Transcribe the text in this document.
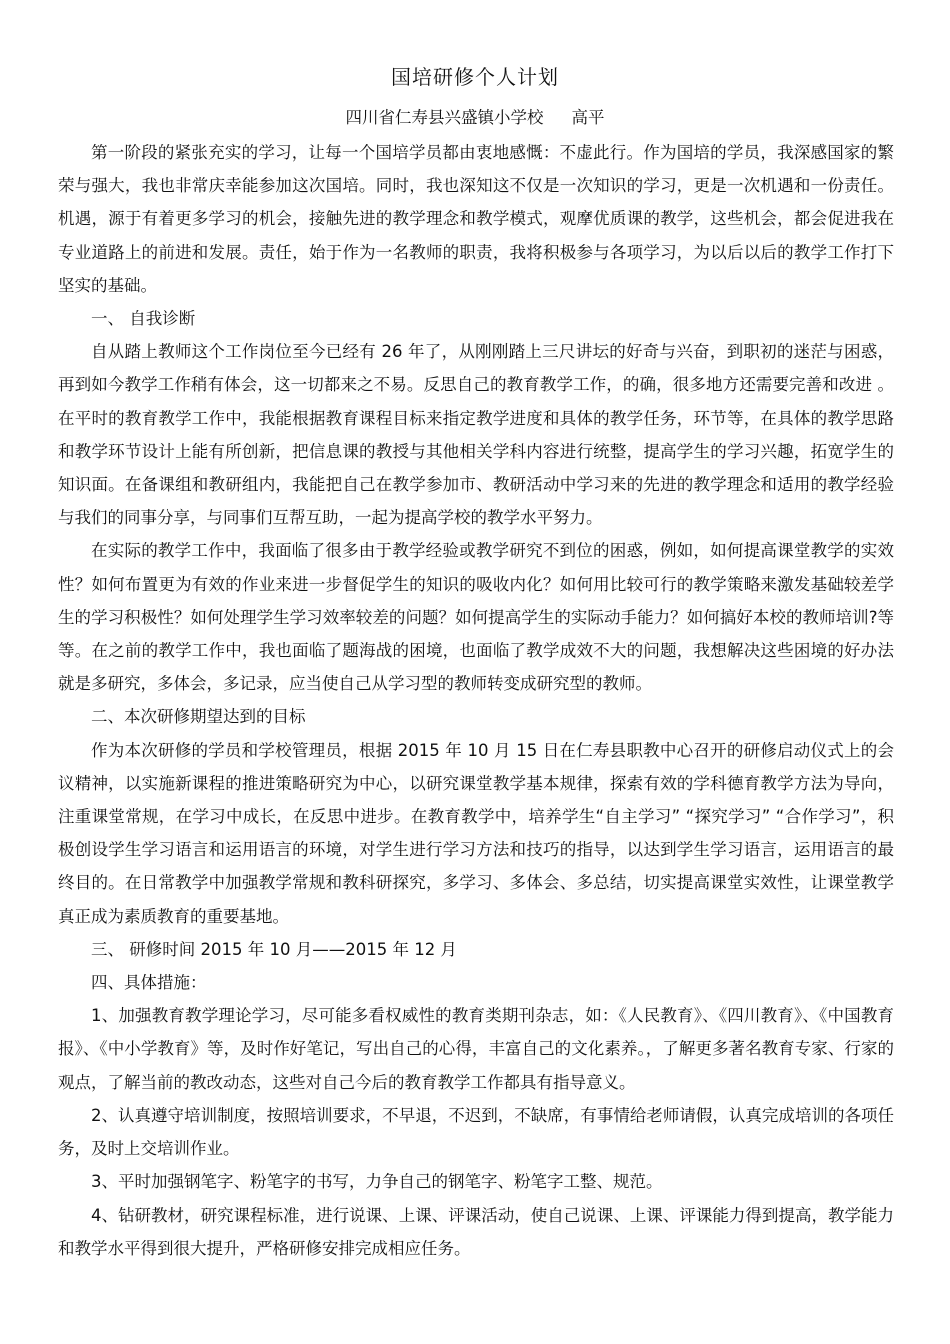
国培研修个人计划
四川省仁寿县兴盛镇小学校 高平

第一阶段的紧张充实的学习，让每一个国培学员都由衷地感慨：不虚此行。作为国培的学员，我深感国家的繁荣与强大，我也非常庆幸能参加这次国培。同时，我也深知这不仅是一次知识的学习，更是一次机遇和一份责任。机遇，源于有着更多学习的机会，接触先进的教学理念和教学模式，观摩优质课的教学，这些机会，都会促进我在专业道路上的前进和发展。责任，始于作为一名教师的职责，我将积极参与各项学习，为以后以后的教学工作打下坚实的基础。

一、 自我诊断

自从踏上教师这个工作岗位至今已经有 26 年了，从刚刚踏上三尺讲坛的好奇与兴奋，到职初的迷茫与困惑，再到如今教学工作稍有体会，这一切都来之不易。反思自己的教育教学工作，的确，很多地方还需要完善和改进 。在平时的教育教学工作中，我能根据教育课程目标来指定教学进度和具体的教学任务，环节等，在具体的教学思路和教学环节设计上能有所创新，把信息课的教授与其他相关学科内容进行统整，提高学生的学习兴趣，拓宽学生的知识面。在备课组和教研组内，我能把自己在教学参加市、教研活动中学习来的先进的教学理念和适用的教学经验与我们的同事分享，与同事们互帮互助，一起为提高学校的教学水平努力。

在实际的教学工作中，我面临了很多由于教学经验或教学研究不到位的困惑，例如，如何提高课堂教学的实效性？如何布置更为有效的作业来进一步督促学生的知识的吸收内化？如何用比较可行的教学策略来激发基础较差学生的学习积极性？如何处理学生学习效率较差的问题？如何提高学生的实际动手能力？如何搞好本校的教师培训?等等。在之前的教学工作中，我也面临了题海战的困境，也面临了教学成效不大的问题，我想解决这些困境的好办法就是多研究，多体会，多记录，应当使自己从学习型的教师转变成研究型的教师。

二、本次研修期望达到的目标

作为本次研修的学员和学校管理员，根据 2015 年 10 月 15 日在仁寿县职教中心召开的研修启动仪式上的会议精神，以实施新课程的推进策略研究为中心，以研究课堂教学基本规律，探索有效的学科德育教学方法为导向，注重课堂常规，在学习中成长，在反思中进步。在教育教学中，培养学生“自主学习” “探究学习” “合作学习”，积极创设学生学习语言和运用语言的环境，对学生进行学习方法和技巧的指导，以达到学生学习语言，运用语言的最终目的。在日常教学中加强教学常规和教科研探究，多学习、多体会、多总结，切实提高课堂实效性，让课堂教学真正成为素质教育的重要基地。

三、 研修时间 2015 年 10 月——2015 年 12 月

四、具体措施：

1、加强教育教学理论学习，尽可能多看权威性的教育类期刊杂志，如：《人民教育》、《四川教育》、《中国教育报》、《中小学教育》等，及时作好笔记，写出自己的心得，丰富自己的文化素养。，了解更多著名教育专家、行家的观点，了解当前的教改动态，这些对自己今后的教育教学工作都具有指导意义。

2、认真遵守培训制度，按照培训要求，不早退，不迟到，不缺席，有事情给老师请假，认真完成培训的各项任务，及时上交培训作业。

3、平时加强钢笔字、粉笔字的书写，力争自己的钢笔字、粉笔字工整、规范。

4、钻研教材，研究课程标准，进行说课、上课、评课活动，使自己说课、上课、评课能力得到提高，教学能力和教学水平得到很大提升，严格研修安排完成相应任务。
